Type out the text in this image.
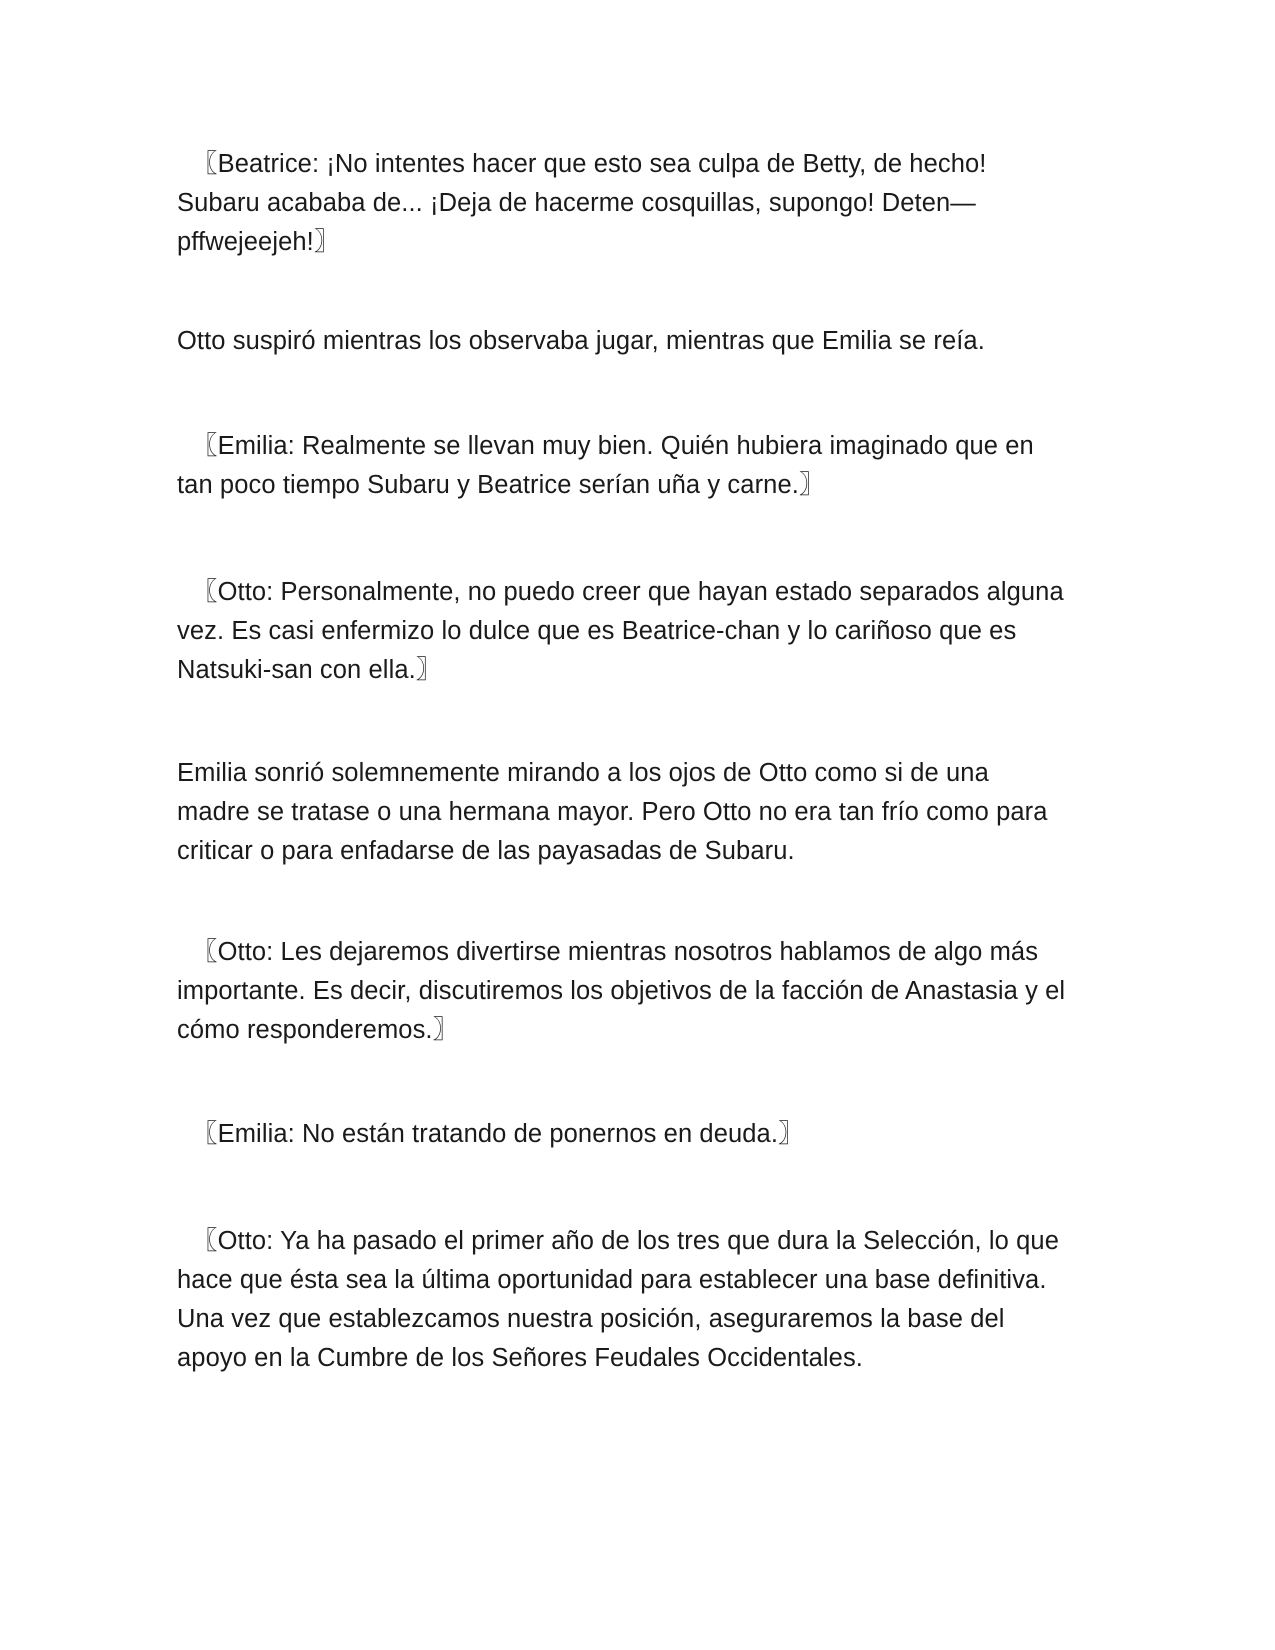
〖Beatrice: ¡No intentes hacer que esto sea culpa de Betty, de hecho!
Subaru acababa de... ¡Deja de hacerme cosquillas, supongo! Deten—
pffwejeejeh!〗

Otto suspiró mientras los observaba jugar, mientras que Emilia se reía.

〖Emilia: Realmente se llevan muy bien. Quién hubiera imaginado que en
tan poco tiempo Subaru y Beatrice serían uña y carne.〗

〖Otto: Personalmente, no puedo creer que hayan estado separados alguna
vez. Es casi enfermizo lo dulce que es Beatrice-chan y lo cariñoso que es
Natsuki-san con ella.〗

Emilia sonrió solemnemente mirando a los ojos de Otto como si de una
madre se tratase o una hermana mayor. Pero Otto no era tan frío como para
criticar o para enfadarse de las payasadas de Subaru.

〖Otto: Les dejaremos divertirse mientras nosotros hablamos de algo más
importante. Es decir, discutiremos los objetivos de la facción de Anastasia y el
cómo responderemos.〗

〖Emilia: No están tratando de ponernos en deuda.〗

〖Otto: Ya ha pasado el primer año de los tres que dura la Selección, lo que
hace que ésta sea la última oportunidad para establecer una base definitiva.
Una vez que establezcamos nuestra posición, aseguraremos la base del
apoyo en la Cumbre de los Señores Feudales Occidentales.
